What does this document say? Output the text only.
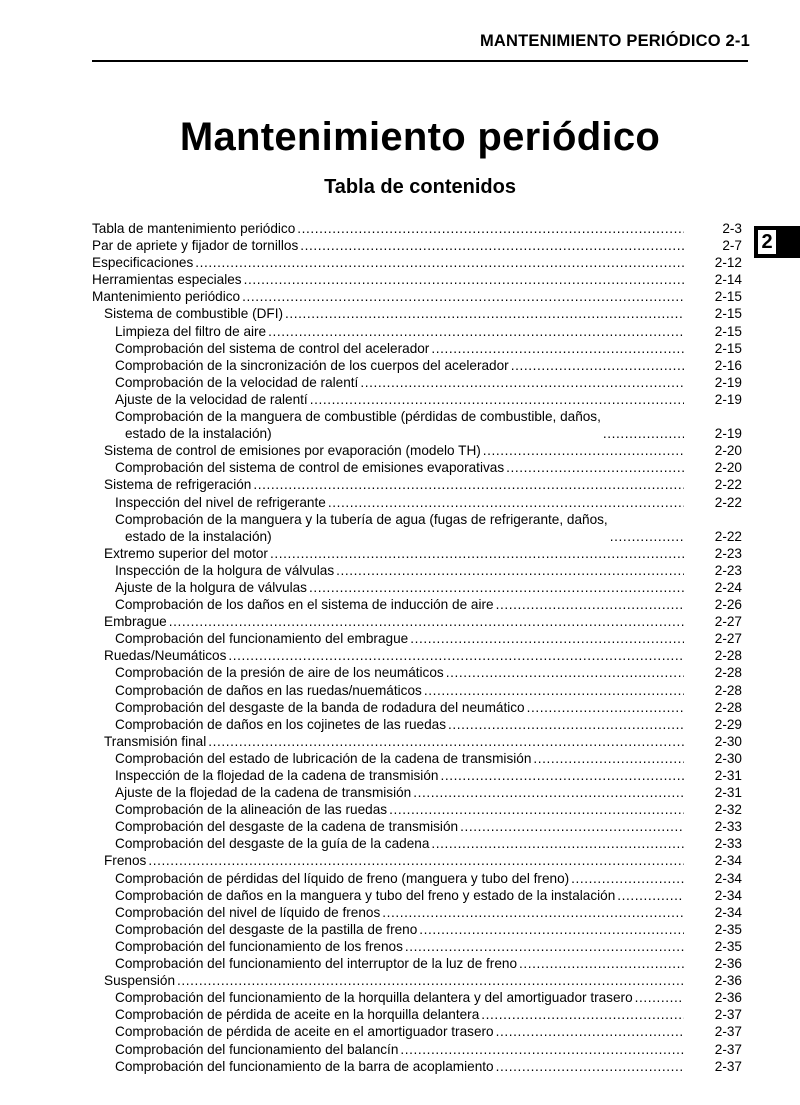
MANTENIMIENTO PERIÓDICO 2-1
Mantenimiento periódico
Tabla de contenidos
2
Tabla de mantenimiento periódico .....	2-3
Par de apriete y fijador de tornillos .....	2-7
Especificaciones .....	2-12
Herramientas especiales .....	2-14
Mantenimiento periódico .....	2-15
Sistema de combustible (DFI) .....	2-15
Limpieza del filtro de aire .....	2-15
Comprobación del sistema de control del acelerador .....	2-15
Comprobación de la sincronización de los cuerpos del acelerador .....	2-16
Comprobación de la velocidad de ralentí .....	2-19
Ajuste de la velocidad de ralentí .....	2-19
Comprobación de la manguera de combustible (pérdidas de combustible, daños,
estado de la instalación) .....	2-19
Sistema de control de emisiones por evaporación (modelo TH) .....	2-20
Comprobación del sistema de control de emisiones evaporativas .....	2-20
Sistema de refrigeración .....	2-22
Inspección del nivel de refrigerante .....	2-22
Comprobación de la manguera y la tubería de agua (fugas de refrigerante, daños,
estado de la instalación) .....	2-22
Extremo superior del motor .....	2-23
Inspección de la holgura de válvulas .....	2-23
Ajuste de la holgura de válvulas .....	2-24
Comprobación de los daños en el sistema de inducción de aire .....	2-26
Embrague .....	2-27
Comprobación del funcionamiento del embrague .....	2-27
Ruedas/Neumáticos .....	2-28
Comprobación de la presión de aire de los neumáticos .....	2-28
Comprobación de daños en las ruedas/nuemáticos .....	2-28
Comprobación del desgaste de la banda de rodadura del neumático .....	2-28
Comprobación de daños en los cojinetes de las ruedas .....	2-29
Transmisión final .....	2-30
Comprobación del estado de lubricación de la cadena de transmisión .....	2-30
Inspección de la flojedad de la cadena de transmisión .....	2-31
Ajuste de la flojedad de la cadena de transmisión .....	2-31
Comprobación de la alineación de las ruedas .....	2-32
Comprobación del desgaste de la cadena de transmisión .....	2-33
Comprobación del desgaste de la guía de la cadena .....	2-33
Frenos .....	2-34
Comprobación de pérdidas del líquido de freno (manguera y tubo del freno) .....	2-34
Comprobación de daños en la manguera y tubo del freno y estado de la instalación .....	2-34
Comprobación del nivel de líquido de frenos .....	2-34
Comprobación del desgaste de la pastilla de freno .....	2-35
Comprobación del funcionamiento de los frenos .....	2-35
Comprobación del funcionamiento del interruptor de la luz de freno .....	2-36
Suspensión .....	2-36
Comprobación del funcionamiento de la horquilla delantera y del amortiguador trasero .....	2-36
Comprobación de pérdida de aceite en la horquilla delantera .....	2-37
Comprobación de pérdida de aceite en el amortiguador trasero .....	2-37
Comprobación del funcionamiento del balancín .....	2-37
Comprobación del funcionamiento de la barra de acoplamiento .....	2-37
